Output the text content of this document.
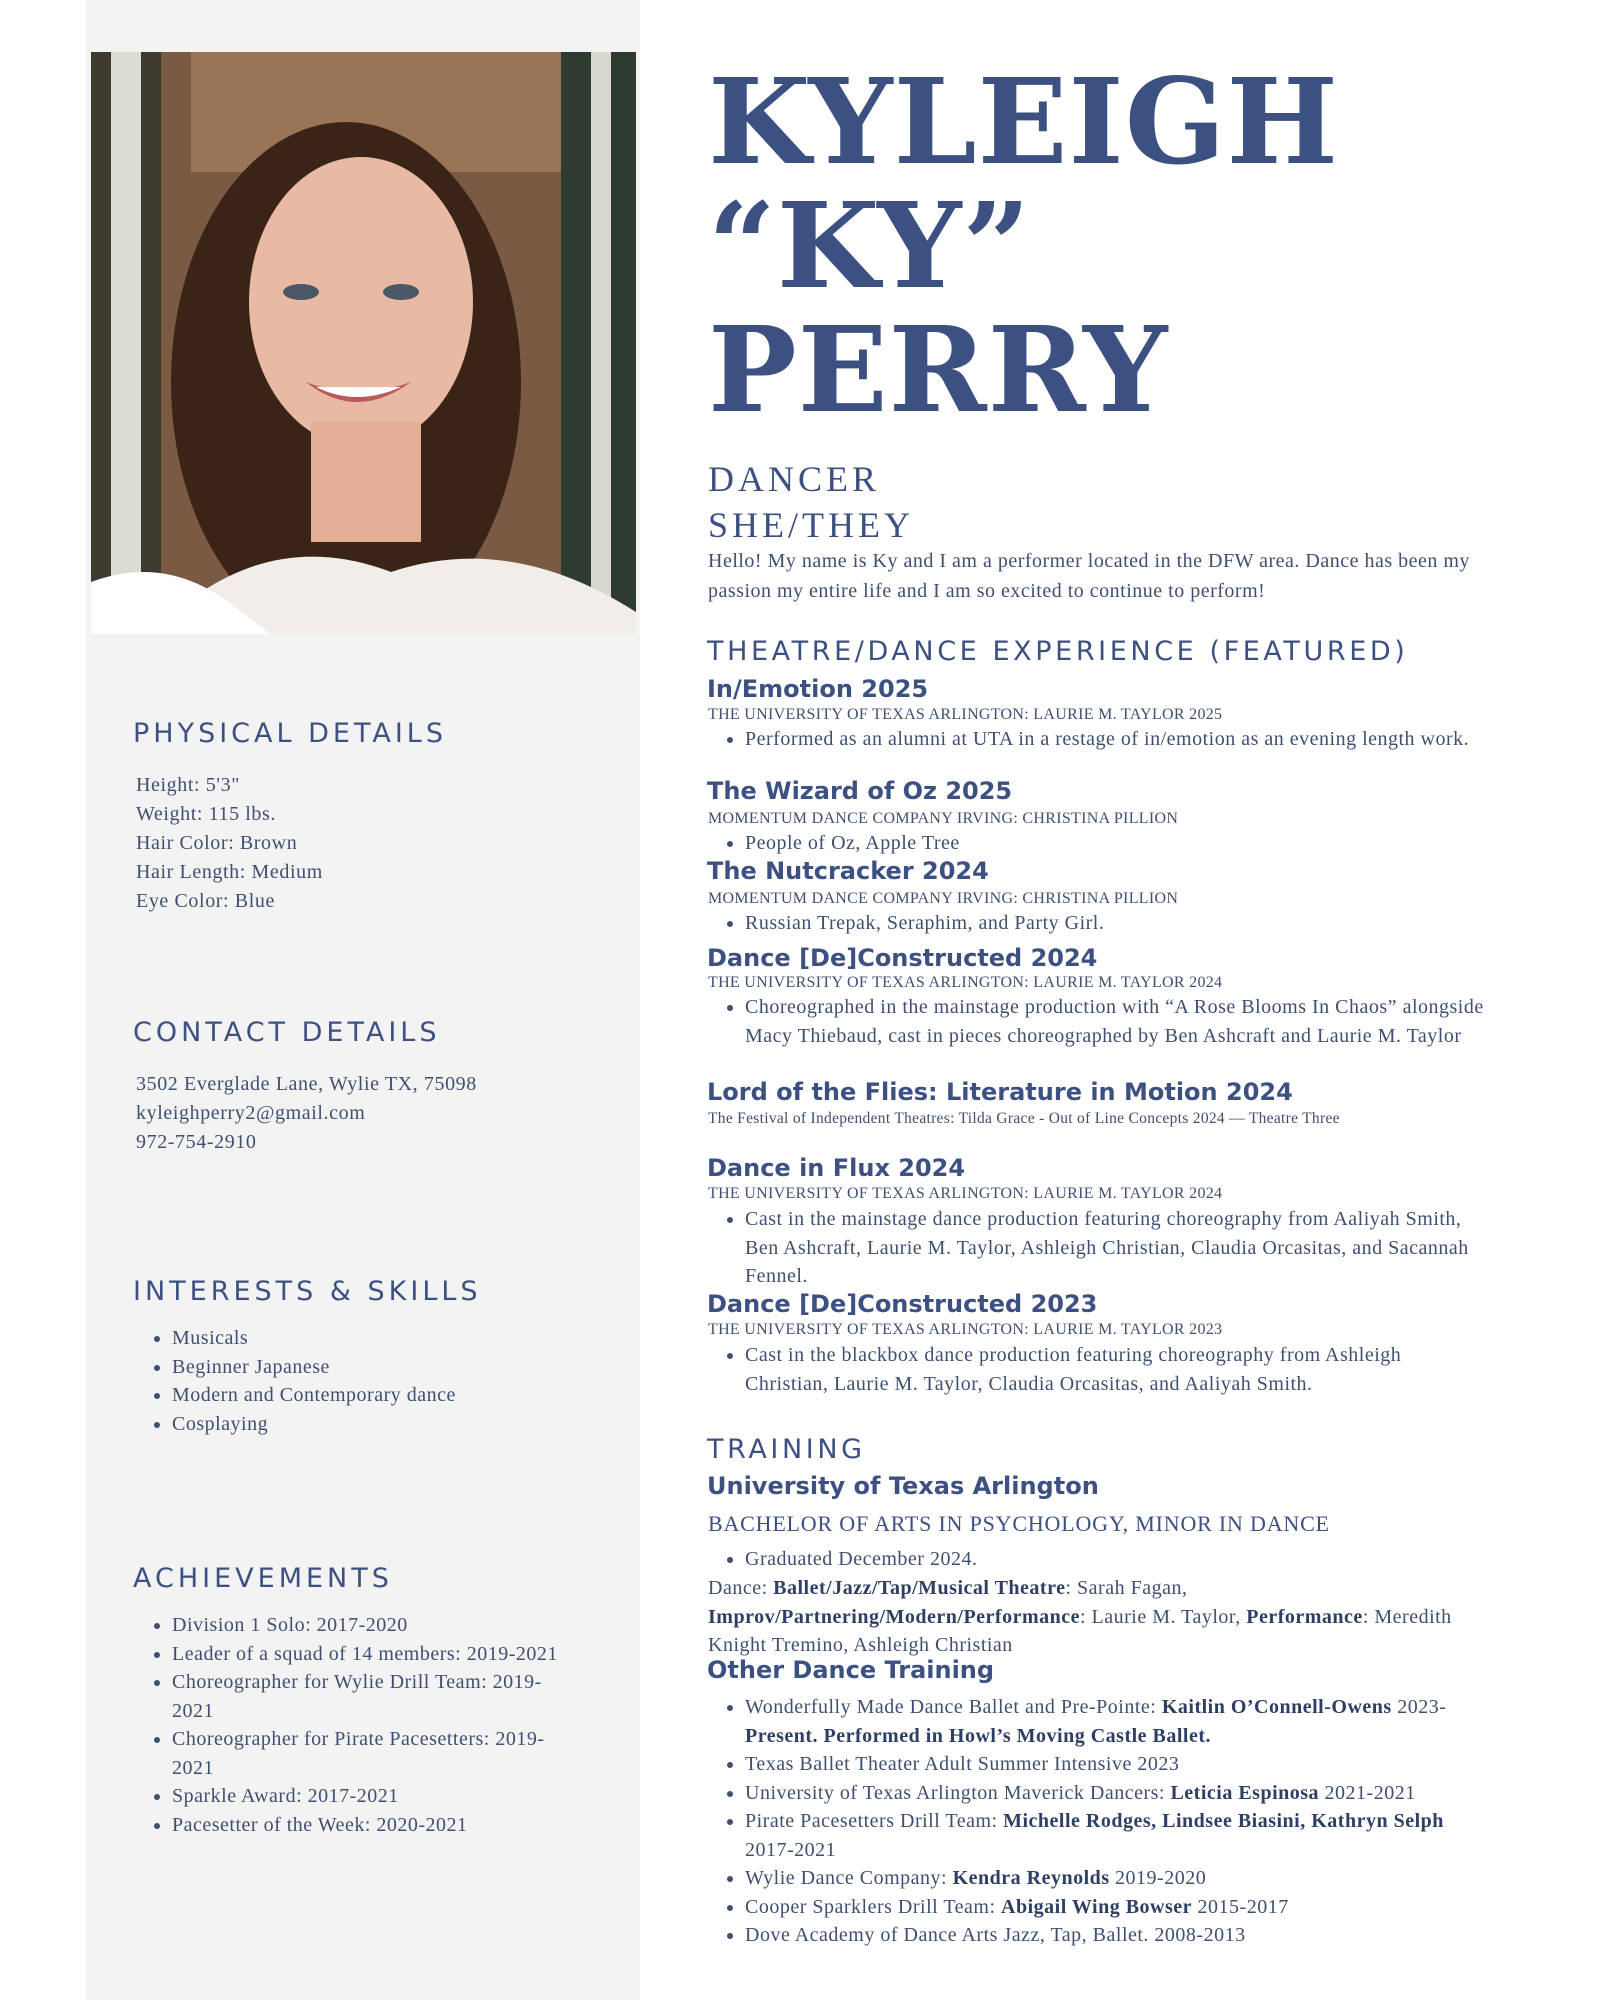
PHYSICAL DETAILS
Height: 5'3"
Weight: 115 lbs.
Hair Color: Brown
Hair Length: Medium
Eye Color: Blue
CONTACT DETAILS
3502 Everglade Lane, Wylie TX, 75098
kyleighperry2@gmail.com
972-754-2910
INTERESTS & SKILLS
• Musicals
• Beginner Japanese
• Modern and Contemporary dance
• Cosplaying
ACHIEVEMENTS
• Division 1 Solo: 2017-2020
• Leader of a squad of 14 members: 2019-2021
• Choreographer for Wylie Drill Team: 2019-2021
• Choreographer for Pirate Pacesetters: 2019-2021
• Sparkle Award: 2017-2021
• Pacesetter of the Week: 2020-2021
KYLEIGH
“KY”
PERRY
DANCER
SHE/THEY
Hello! My name is Ky and I am a performer located in the DFW area. Dance has been my passion my entire life and I am so excited to continue to perform!
THEATRE/DANCE EXPERIENCE (FEATURED)
In/Emotion 2025
THE UNIVERSITY OF TEXAS ARLINGTON: LAURIE M. TAYLOR 2025
• Performed as an alumni at UTA in a restage of in/emotion as an evening length work.
The Wizard of Oz 2025
MOMENTUM DANCE COMPANY IRVING: CHRISTINA PILLION
• People of Oz, Apple Tree
The Nutcracker 2024
MOMENTUM DANCE COMPANY IRVING: CHRISTINA PILLION
• Russian Trepak, Seraphim, and Party Girl.
Dance [De]Constructed 2024
THE UNIVERSITY OF TEXAS ARLINGTON: LAURIE M. TAYLOR 2024
• Choreographed in the mainstage production with “A Rose Blooms In Chaos” alongside Macy Thiebaud, cast in pieces choreographed by Ben Ashcraft and Laurie M. Taylor
Lord of the Flies: Literature in Motion 2024
The Festival of Independent Theatres: Tilda Grace - Out of Line Concepts 2024 — Theatre Three
Dance in Flux 2024
THE UNIVERSITY OF TEXAS ARLINGTON: LAURIE M. TAYLOR 2024
• Cast in the mainstage dance production featuring choreography from Aaliyah Smith, Ben Ashcraft, Laurie M. Taylor, Ashleigh Christian, Claudia Orcasitas, and Sacannah Fennel.
Dance [De]Constructed 2023
THE UNIVERSITY OF TEXAS ARLINGTON: LAURIE M. TAYLOR 2023
• Cast in the blackbox dance production featuring choreography from Ashleigh Christian, Laurie M. Taylor, Claudia Orcasitas, and Aaliyah Smith.
TRAINING
University of Texas Arlington
BACHELOR OF ARTS IN PSYCHOLOGY, MINOR IN DANCE
• Graduated December 2024.
Dance: Ballet/Jazz/Tap/Musical Theatre: Sarah Fagan, Improv/Partnering/Modern/Performance: Laurie M. Taylor, Performance: Meredith Knight Tremino, Ashleigh Christian
Other Dance Training
• Wonderfully Made Dance Ballet and Pre-Pointe: Kaitlin O’Connell-Owens 2023-Present. Performed in Howl’s Moving Castle Ballet.
• Texas Ballet Theater Adult Summer Intensive 2023
• University of Texas Arlington Maverick Dancers: Leticia Espinosa 2021-2021
• Pirate Pacesetters Drill Team: Michelle Rodges, Lindsee Biasini, Kathryn Selph 2017-2021
• Wylie Dance Company: Kendra Reynolds 2019-2020
• Cooper Sparklers Drill Team: Abigail Wing Bowser 2015-2017
• Dove Academy of Dance Arts Jazz, Tap, Ballet. 2008-2013
